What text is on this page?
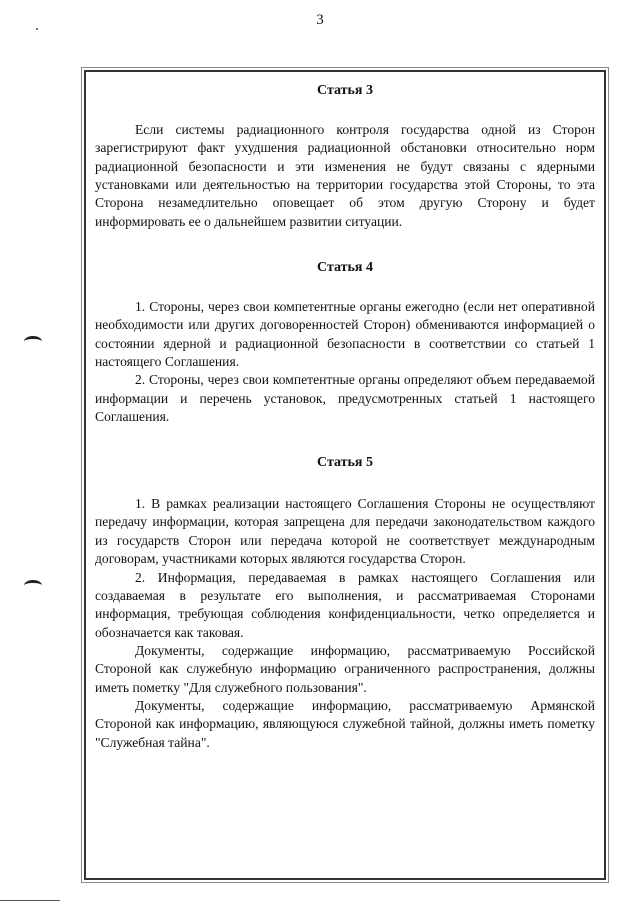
3
Статья 3

Если системы радиационного контроля государства одной из Сторон зарегистрируют факт ухудшения радиационной обстановки относительно норм радиационной безопасности и эти изменения не будут связаны с ядерными установками или деятельностью на территории государства этой Стороны, то эта Сторона незамедлительно оповещает об этом другую Сторону и будет информировать ее о дальнейшем развитии ситуации.

Статья 4

1. Стороны, через свои компетентные органы ежегодно (если нет оперативной необходимости или других договоренностей Сторон) обмениваются информацией о состоянии ядерной и радиационной безопасности в соответствии со статьей 1 настоящего Соглашения.

2. Стороны, через свои компетентные органы определяют объем передаваемой информации и перечень установок, предусмотренных статьей 1 настоящего Соглашения.

Статья 5

1. В рамках реализации настоящего Соглашения Стороны не осуществляют передачу информации, которая запрещена для передачи законодательством каждого из государств Сторон или передача которой не соответствует международным договорам, участниками которых являются государства Сторон.

2. Информация, передаваемая в рамках настоящего Соглашения или создаваемая в результате его выполнения, и рассматриваемая Сторонами информация, требующая соблюдения конфиденциальности, четко определяется и обозначается как таковая.

Документы, содержащие информацию, рассматриваемую Российской Стороной как служебную информацию ограниченного распространения, должны иметь пометку "Для служебного пользования".

Документы, содержащие информацию, рассматриваемую Армянской Стороной как информацию, являющуюся служебной тайной, должны иметь пометку "Служебная тайна".
